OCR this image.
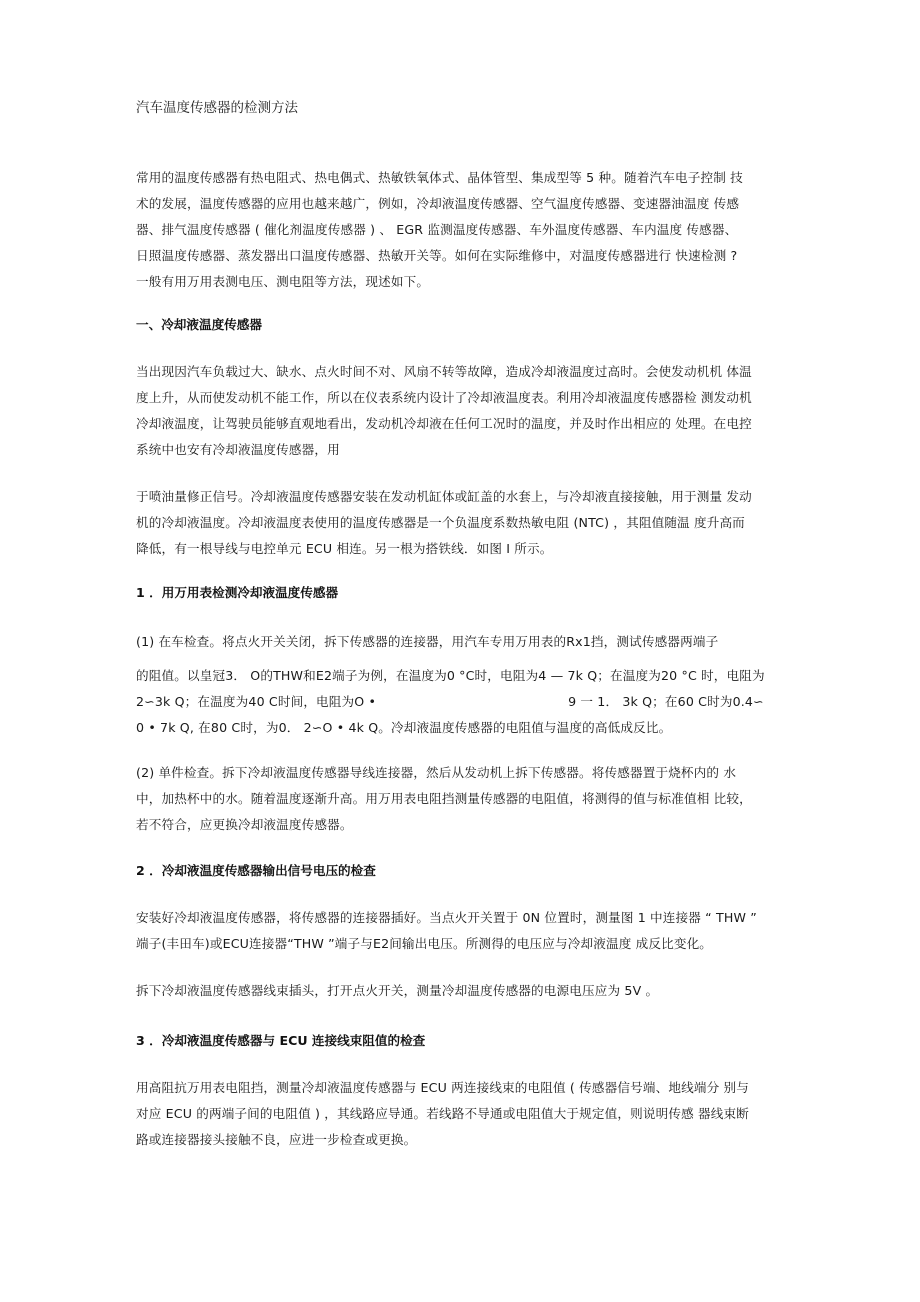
汽车温度传感器的检测方法
常用的温度传感器有热电阻式、热电偶式、热敏铁氧体式、晶体管型、集成型等 5 种。随着汽车电子控制 技
术的发展，温度传感器的应用也越来越广，例如，冷却液温度传感器、空气温度传感器、变速器油温度 传感
器、排气温度传感器 ( 催化剂温度传感器 ) 、 EGR 监测温度传感器、车外温度传感器、车内温度 传感器、
日照温度传感器、蒸发器出口温度传感器、热敏开关等。如何在实际维修中，对温度传感器进行 快速检测 ?
一般有用万用表测电压、测电阻等方法，现述如下。
一、冷却液温度传感器
当出现因汽车负载过大、缺水、点火时间不对、风扇不转等故障，造成冷却液温度过高时。会使发动机机 体温
度上升，从而使发动机不能工作，所以在仪表系统内设计了冷却液温度表。利用冷却液温度传感器检 测发动机
冷却液温度，让驾驶员能够直观地看出，发动机冷却液在任何工况时的温度，并及时作出相应的 处理。在电控
系统中也安有冷却液温度传感器，用
于喷油量修正信号。冷却液温度传感器安装在发动机缸体或缸盖的水套上，与冷却液直接接触，用于测量 发动
机的冷却液温度。冷却液温度表使用的温度传感器是一个负温度系数热敏电阻 (NTC) ，其阻值随温 度升高而
降低，有一根导线与电控单元 ECU 相连。另一根为搭铁线．如图 I 所示。
1 ．用万用表检测冷却液温度传感器
(1) 在车检查。将点火开关关闭，拆下传感器的连接器，用汽车专用万用表的Rx1挡，测试传感器两端子
的阻值。以皇冠3． O的THW和E2端子为例，在温度为0 °C时，电阻为4 — 7k Q；在温度为20 °C 时，电阻为
2∽3k Q；在温度为40 C时间，电阻为O •	9 一 1． 3k Q；在60 C时为0.4∽
0 • 7k Q, 在80 C时，为0． 2∽O • 4k Q。冷却液温度传感器的电阻值与温度的高低成反比。
(2) 单件检查。拆下冷却液温度传感器导线连接器，然后从发动机上拆下传感器。将传感器置于烧杯内的 水
中，加热杯中的水。随着温度逐渐升高。用万用表电阻挡测量传感器的电阻值，将测得的值与标准值相 比较，
若不符合，应更换冷却液温度传感器。
2 ．冷却液温度传感器输出信号电压的检查
安装好冷却液温度传感器，将传感器的连接器插好。当点火开关置于 0N 位置时，测量图 1 中连接器 “ THW ”
端子(丰田车)或ECU连接器“THW ”端子与E2间输出电压。所测得的电压应与冷却液温度 成反比变化。
拆下冷却液温度传感器线束插头，打开点火开关，测量冷却温度传感器的电源电压应为 5V 。
3 ．冷却液温度传感器与 ECU 连接线束阻值的检查
用高阻抗万用表电阻挡，测量冷却液温度传感器与 ECU 两连接线束的电阻值 ( 传感器信号端、地线端分 别与
对应 ECU 的两端子间的电阻值 ) ，其线路应导通。若线路不导通或电阻值大于规定值，则说明传感 器线束断
路或连接器接头接触不良，应进一步检查或更换。
